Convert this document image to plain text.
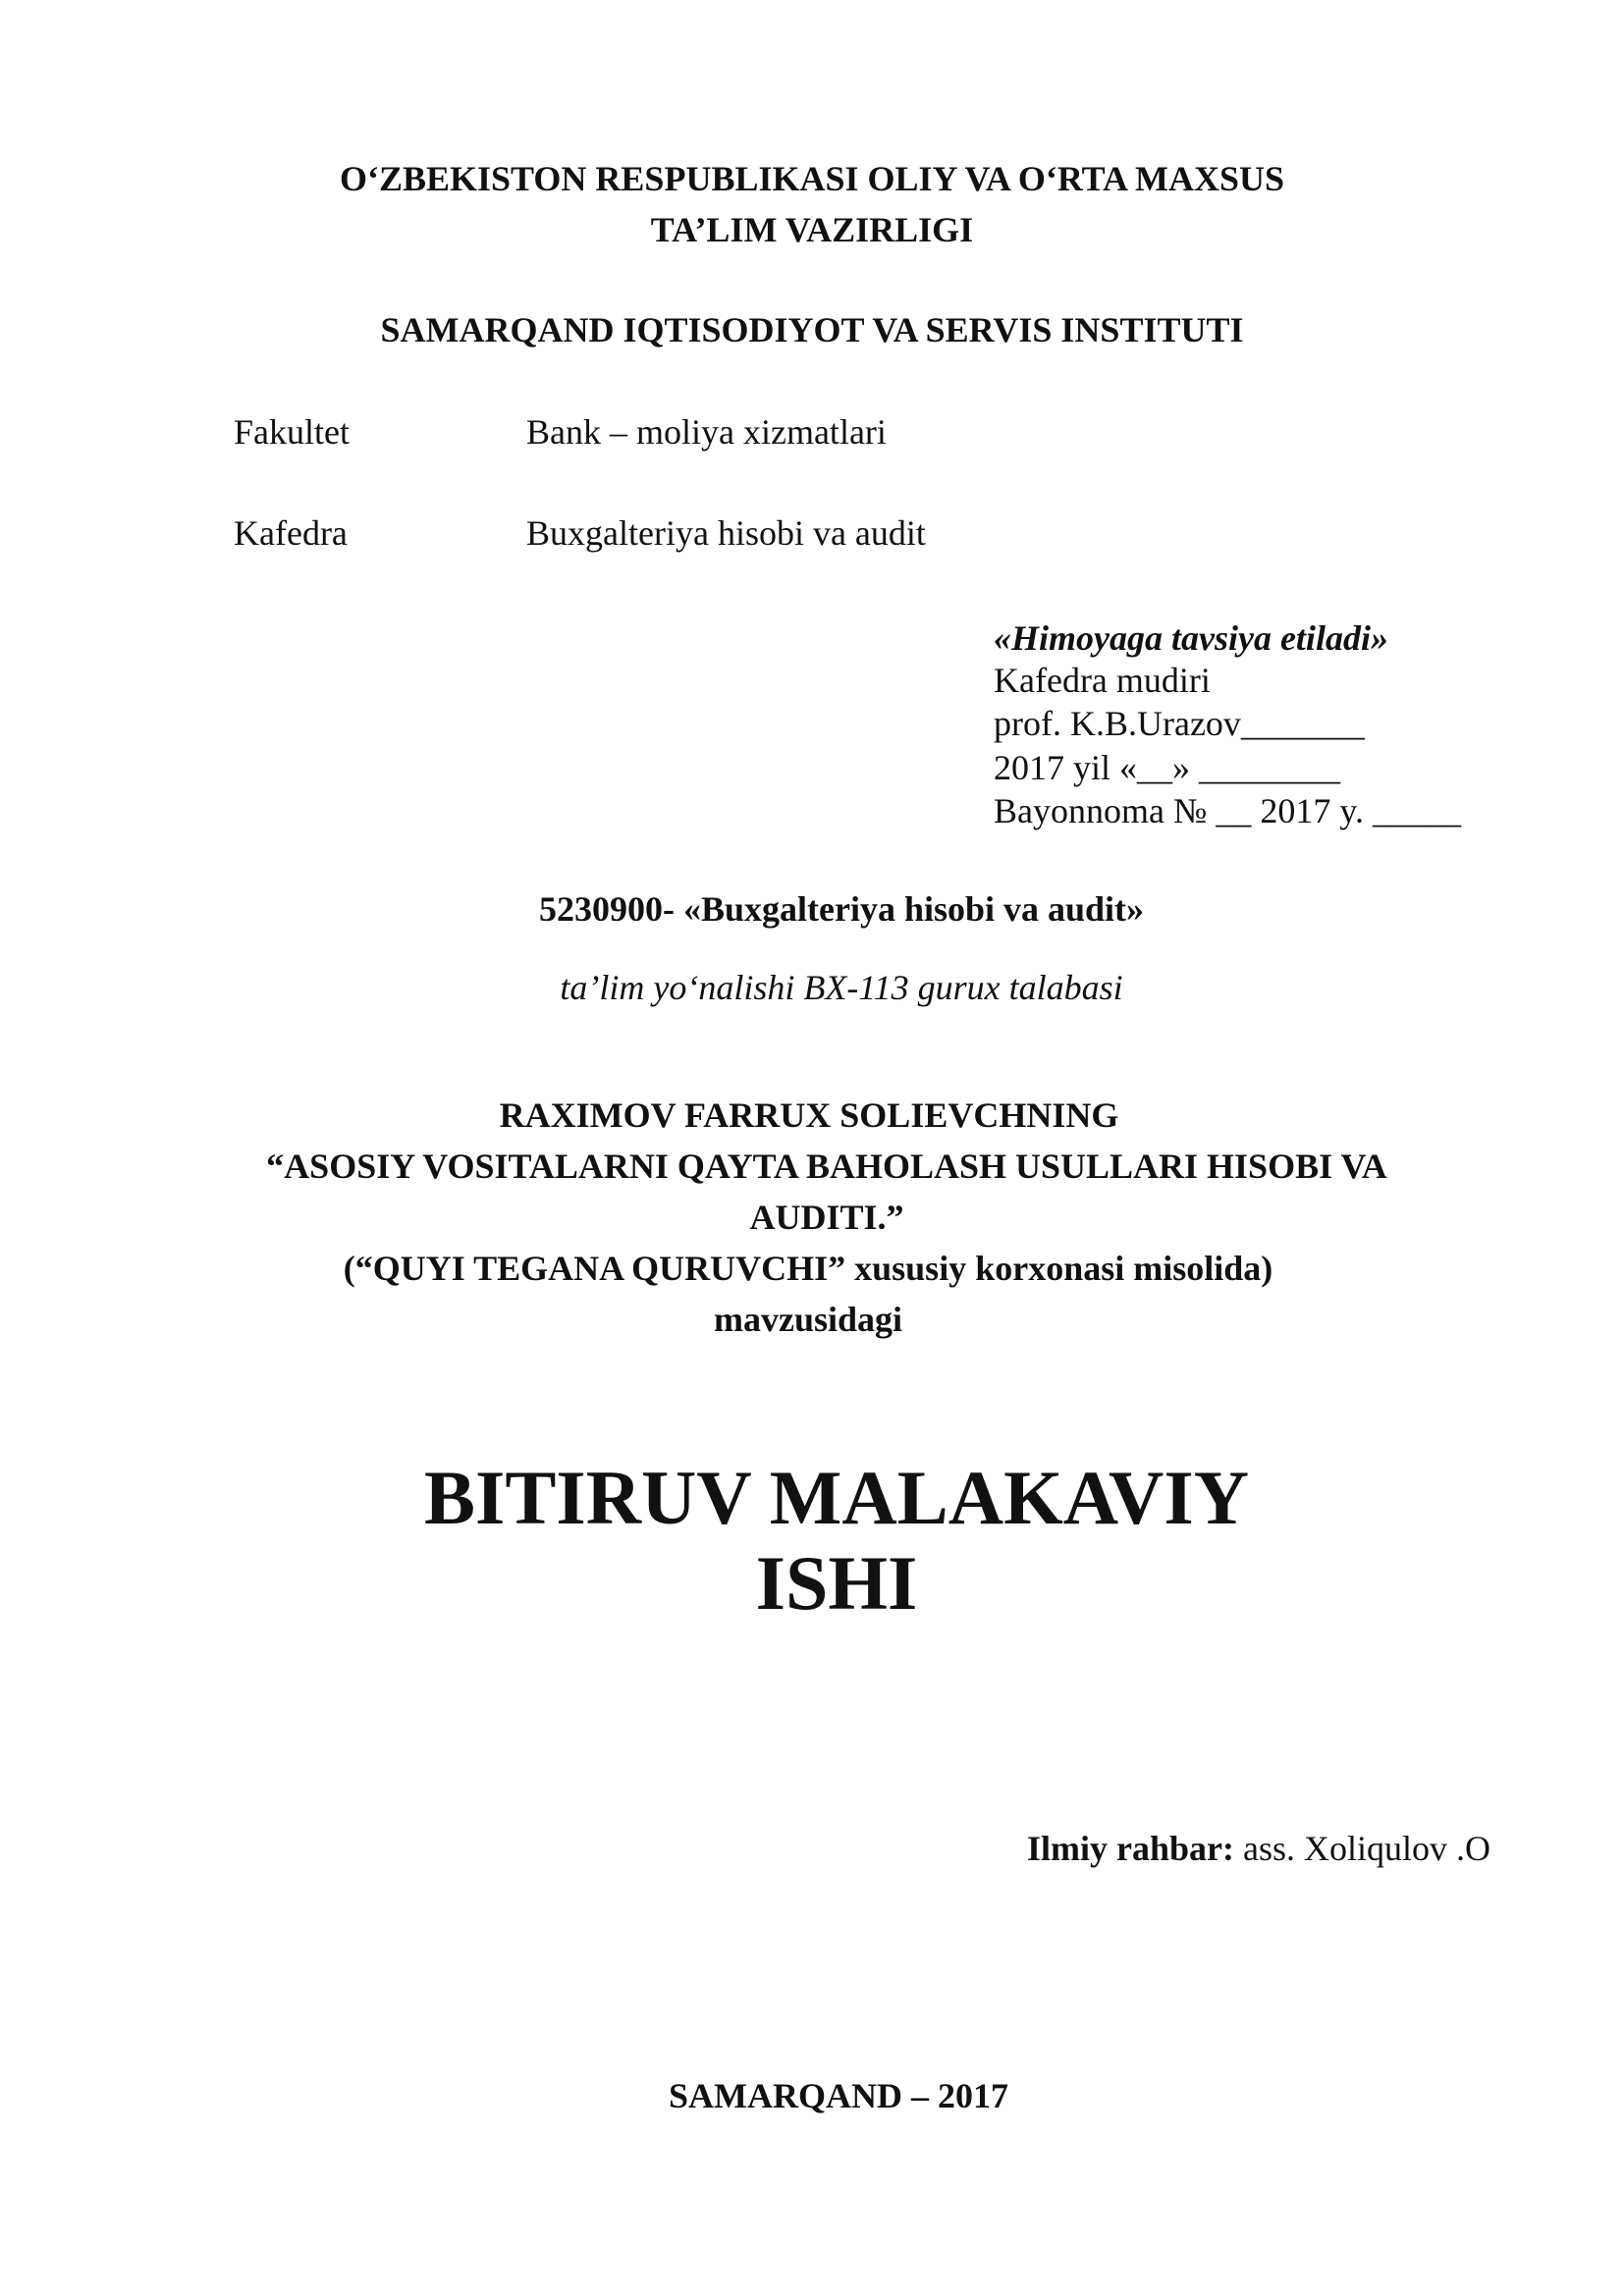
O‘ZBEKISTON RESPUBLIKASI OLIY VA O‘RTA MAXSUS
TA’LIM VAZIRLIGI
SAMARQAND IQTISODIYOT VA SERVIS INSTITUTI
Fakultet	Bank – moliya xizmatlari
Kafedra	Buxgalteriya hisobi va audit
«Himoyaga tavsiya etiladi»
Kafedra mudiri
prof. K.B.Urazov_______
2017 yil «__» ________
Bayonnoma № __ 2017 y. _____
5230900- «Buxgalteriya hisobi va audit»
ta’lim yo‘nalishi BX-113 gurux talabasi
RAXIMOV FARRUX SOLIEVCHNING
“ASOSIY VOSITALARNI QAYTA BAHOLASH USULLARI HISOBI VA
AUDITI.”
(“QUYI TEGANA QURUVCHI” xususiy korxonasi misolida)
mavzusidagi
BITIRUV MALAKAVIY
ISHI
Ilmiy rahbar: ass. Xoliqulov .O
SAMARQAND – 2017
